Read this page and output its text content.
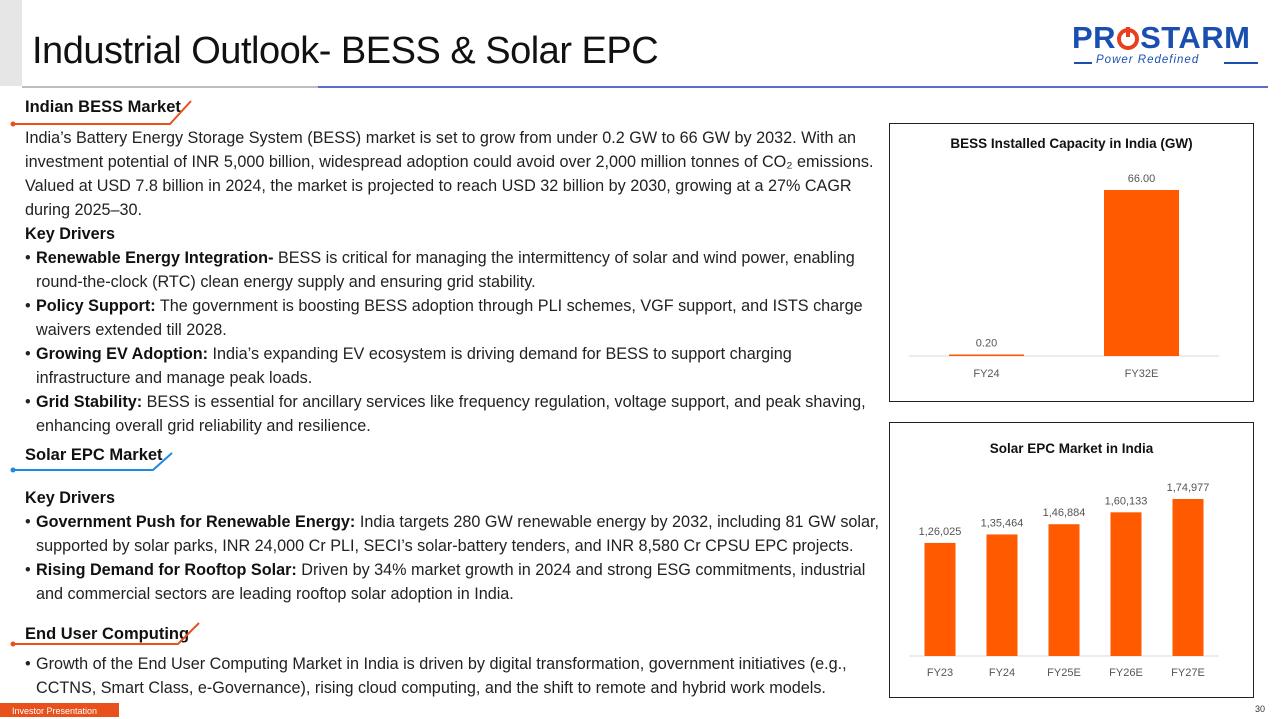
Industrial Outlook- BESS & Solar EPC	PR STARM
Power Redefined
Indian BESS Market
India’s Battery Energy Storage System (BESS) market is set to grow from under 0.2 GW to 66 GW by 2032. With an investment potential of INR 5,000 billion, widespread adoption could avoid over 2,000 million tonnes of CO₂ emissions. Valued at USD 7.8 billion in 2024, the market is projected to reach USD 32 billion by 2030, growing at a 27% CAGR during 2025–30.
Key Drivers
• Renewable Energy Integration- BESS is critical for managing the intermittency of solar and wind power, enabling round-the-clock (RTC) clean energy supply and ensuring grid stability.
• Policy Support: The government is boosting BESS adoption through PLI schemes, VGF support, and ISTS charge waivers extended till 2028.
• Growing EV Adoption: India’s expanding EV ecosystem is driving demand for BESS to support charging infrastructure and manage peak loads.
• Grid Stability: BESS is essential for ancillary services like frequency regulation, voltage support, and peak shaving, enhancing overall grid reliability and resilience.
Solar EPC Market
Key Drivers
• Government Push for Renewable Energy: India targets 280 GW renewable energy by 2032, including 81 GW solar, supported by solar parks, INR 24,000 Cr PLI, SECI’s solar-battery tenders, and INR 8,580 Cr CPSU EPC projects.
• Rising Demand for Rooftop Solar: Driven by 34% market growth in 2024 and strong ESG commitments, industrial and commercial sectors are leading rooftop solar adoption in India.
End User Computing
• Growth of the End User Computing Market in India is driven by digital transformation, government initiatives (e.g., CCTNS, Smart Class, e-Governance), rising cloud computing, and the shift to remote and hybrid work models.
BESS Installed Capacity in India (GW)
0.20
FY24
66.00
FY32E
Solar EPC Market in India
1,26,025
FY23
1,35,464
FY24
1,46,884
FY25E
1,60,133
FY26E
1,74,977
FY27E
Investor Presentation	30
